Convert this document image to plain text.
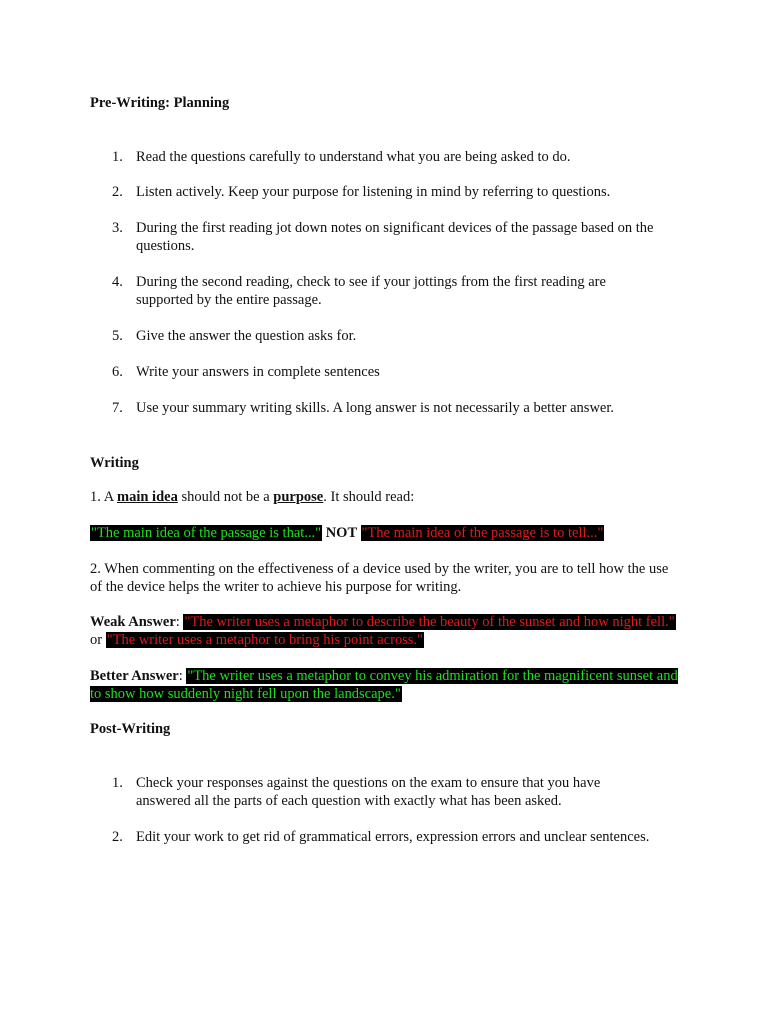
Pre-Writing: Planning
1. Read the questions carefully to understand what you are being asked to do.
2. Listen actively. Keep your purpose for listening in mind by referring to questions.
3. During the first reading jot down notes on significant devices of the passage based on the questions.
4. During the second reading, check to see if your jottings from the first reading are supported by the entire passage.
5. Give the answer the question asks for.
6. Write your answers in complete sentences
7. Use your summary writing skills. A long answer is not necessarily a better answer.
Writing
1. A main idea should not be a purpose. It should read:
"The main idea of the passage is that..." NOT "The main idea of the passage is to tell..."
2. When commenting on the effectiveness of a device used by the writer, you are to tell how the use of the device helps the writer to achieve his purpose for writing.
Weak Answer: "The writer uses a metaphor to describe the beauty of the sunset and how night fell." or "The writer uses a metaphor to bring his point across."
Better Answer: "The writer uses a metaphor to convey his admiration for the magnificent sunset and to show how suddenly night fell upon the landscape."
Post-Writing
1. Check your responses against the questions on the exam to ensure that you have answered all the parts of each question with exactly what has been asked.
2. Edit your work to get rid of grammatical errors, expression errors and unclear sentences.
